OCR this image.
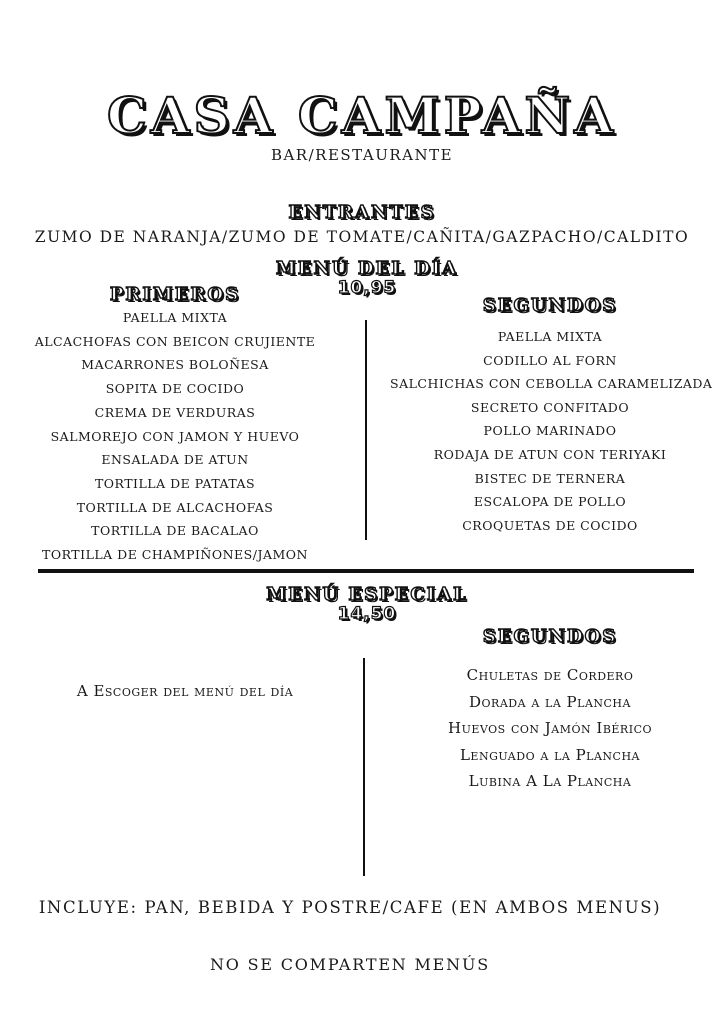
CASA CAMPAÑA
BAR/RESTAURANTE
ENTRANTES
ZUMO DE NARANJA/ZUMO DE TOMATE/CAÑITA/GAZPACHO/CALDITO
MENÚ DEL DÍA
10,95
PRIMEROS
SEGUNDOS
PAELLA MIXTA
ALCACHOFAS CON BEICON CRUJIENTE
MACARRONES BOLOÑESA
SOPITA DE COCIDO
CREMA DE VERDURAS
SALMOREJO CON JAMON Y HUEVO
ENSALADA DE ATUN
TORTILLA DE PATATAS
TORTILLA DE ALCACHOFAS
TORTILLA DE BACALAO
TORTILLA DE CHAMPIÑONES/JAMON
PAELLA MIXTA
CODILLO AL FORN
SALCHICHAS CON CEBOLLA CARAMELIZADA
SECRETO CONFITADO
POLLO MARINADO
RODAJA DE ATUN CON TERIYAKI
BISTEC DE TERNERA
ESCALOPA DE POLLO
CROQUETAS DE COCIDO
MENÚ ESPECIAL
14,50
SEGUNDOS
A Escoger del menú del día
Chuletas de Cordero
Dorada a la Plancha
Huevos con Jamón Ibérico
Lenguado a la Plancha
Lubina A La Plancha
INCLUYE: PAN, BEBIDA Y POSTRE/CAFE (EN AMBOS MENUS)
NO SE COMPARTEN MENÚS
